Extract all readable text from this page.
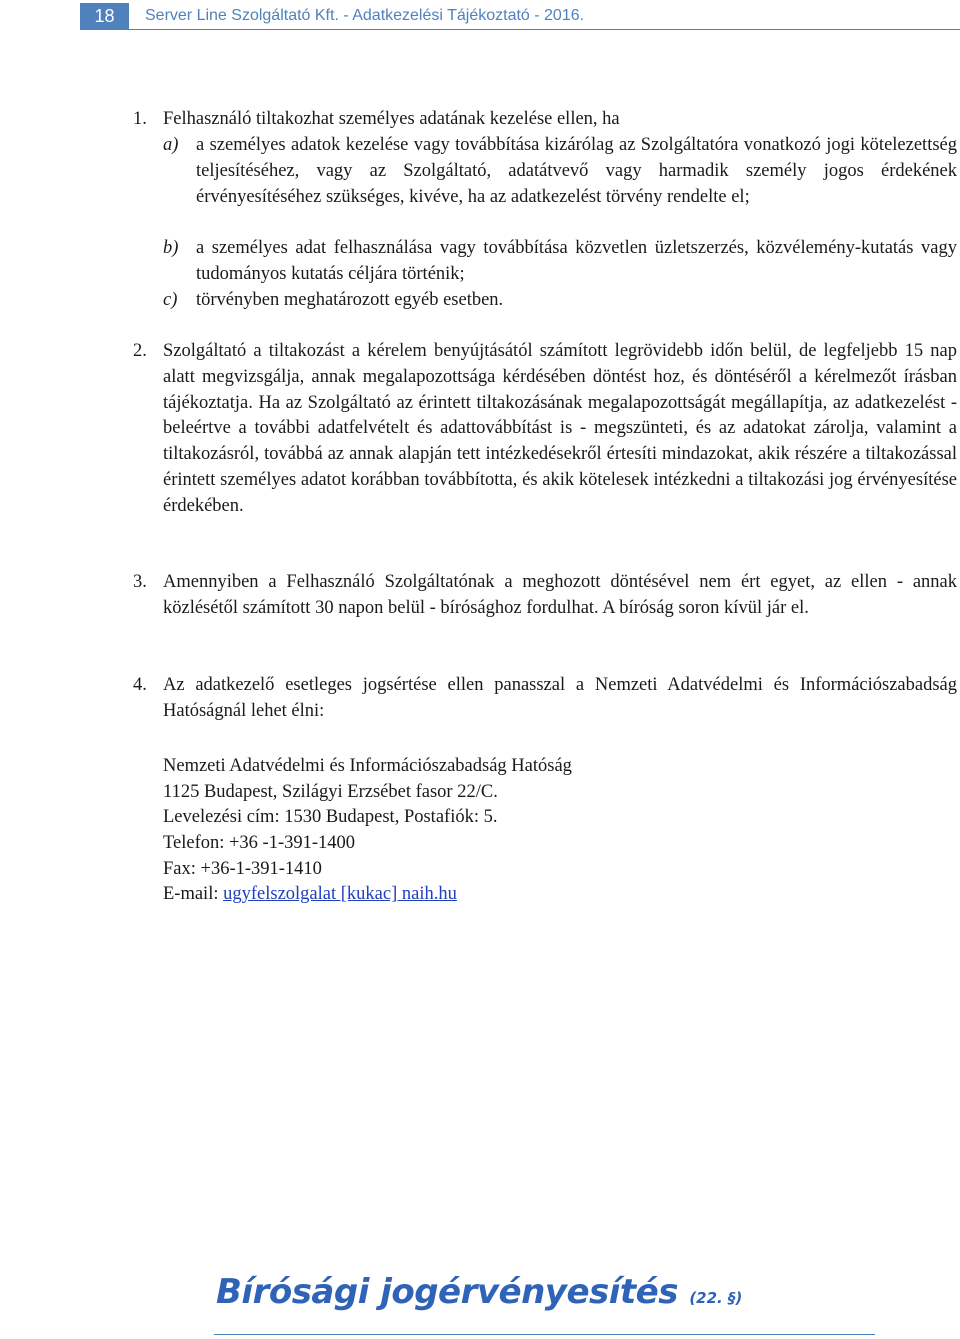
18	Server Line Szolgáltató Kft. - Adatkezelési Tájékoztató - 2016.
1. Felhasználó tiltakozhat személyes adatának kezelése ellen, ha
a) a személyes adatok kezelése vagy továbbítása kizárólag az Szolgáltatóra vonatkozó jogi kötelezettség teljesítéséhez, vagy az Szolgáltató, adatátvevő vagy harmadik személy jogos érdekének érvényesítéséhez szükséges, kivéve, ha az adatkezelést törvény rendelte el;
b) a személyes adat felhasználása vagy továbbítása közvetlen üzletszerzés, közvélemény-kutatás vagy tudományos kutatás céljára történik;
c) törvényben meghatározott egyéb esetben.
2. Szolgáltató a tiltakozást a kérelem benyújtásától számított legrövidebb időn belül, de legfeljebb 15 nap alatt megvizsgálja, annak megalapozottsága kérdésében döntést hoz, és döntéséről a kérelmezőt írásban tájékoztatja. Ha az Szolgáltató az érintett tiltakozásának megalapozottságát megállapítja, az adatkezelést - beleértve a további adatfelvételt és adattovábbítást is - megszünteti, és az adatokat zárolja, valamint a tiltakozásról, továbbá az annak alapján tett intézkedésekről értesíti mindazokat, akik részére a tiltakozással érintett személyes adatot korábban továbbította, és akik kötelesek intézkedni a tiltakozási jog érvényesítése érdekében.
3. Amennyiben a Felhasználó Szolgáltatónak a meghozott döntésével nem ért egyet, az ellen - annak közlésétől számított 30 napon belül - bírósághoz fordulhat. A bíróság soron kívül jár el.
4. Az adatkezelő esetleges jogsértése ellen panasszal a Nemzeti Adatvédelmi és Információszabadság Hatóságnál lehet élni:
Nemzeti Adatvédelmi és Információszabadság Hatóság
1125 Budapest, Szilágyi Erzsébet fasor 22/C.
Levelezési cím: 1530 Budapest, Postafiók: 5.
Telefon: +36 -1-391-1400
Fax: +36-1-391-1410
E-mail: ugyfelszolgalat [kukac] naih.hu
Bírósági jogérvényesítés (22. §)
